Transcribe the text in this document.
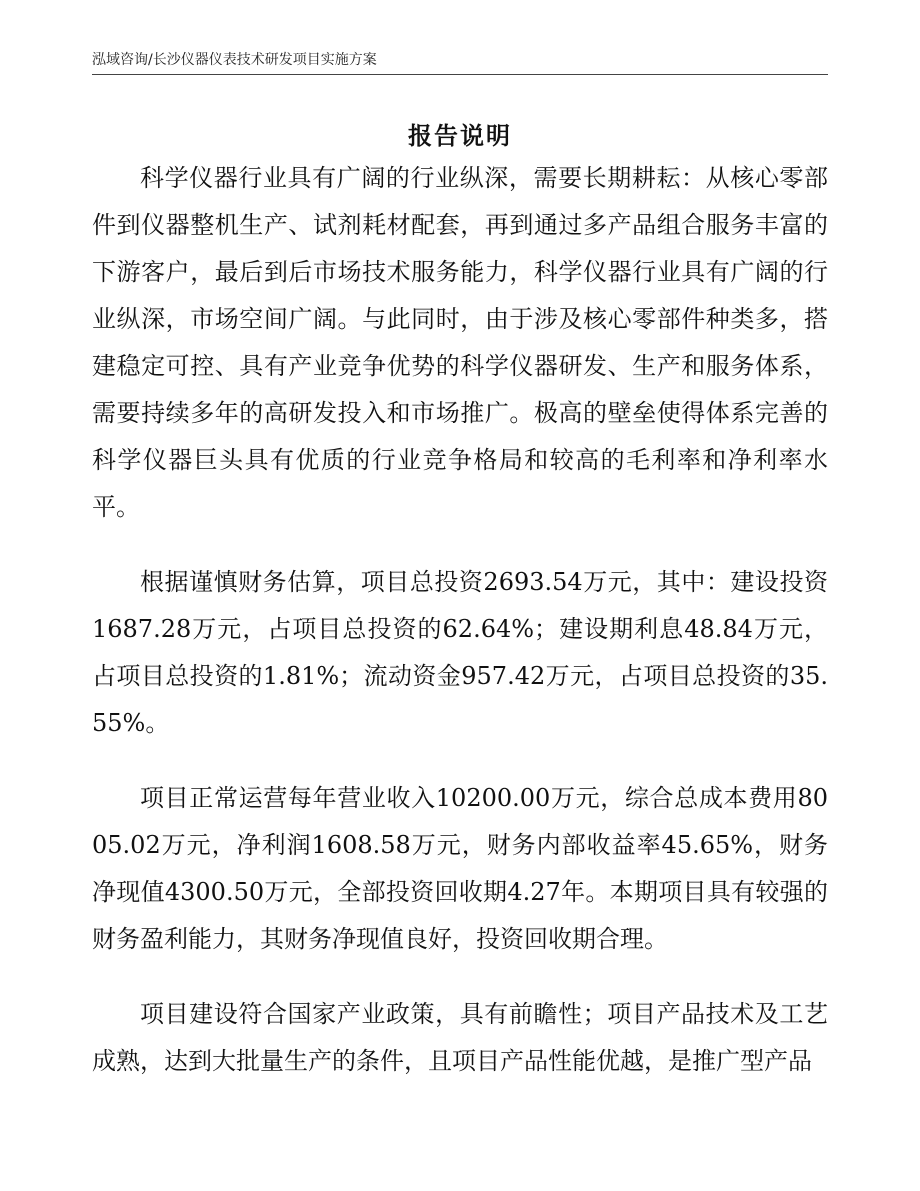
泓域咨询/长沙仪器仪表技术研发项目实施方案
报告说明

科学仪器行业具有广阔的行业纵深，需要长期耕耘：从核心零部件到仪器整机生产、试剂耗材配套，再到通过多产品组合服务丰富的下游客户，最后到后市场技术服务能力，科学仪器行业具有广阔的行业纵深，市场空间广阔。与此同时，由于涉及核心零部件种类多，搭建稳定可控、具有产业竞争优势的科学仪器研发、生产和服务体系，需要持续多年的高研发投入和市场推广。极高的壁垒使得体系完善的科学仪器巨头具有优质的行业竞争格局和较高的毛利率和净利率水平。

根据谨慎财务估算，项目总投资2693.54万元，其中：建设投资1687.28万元，占项目总投资的62.64%；建设期利息48.84万元，占项目总投资的1.81%；流动资金957.42万元，占项目总投资的35.55%。

项目正常运营每年营业收入10200.00万元，综合总成本费用8005.02万元，净利润1608.58万元，财务内部收益率45.65%，财务净现值4300.50万元，全部投资回收期4.27年。本期项目具有较强的财务盈利能力，其财务净现值良好，投资回收期合理。

项目建设符合国家产业政策，具有前瞻性；项目产品技术及工艺成熟，达到大批量生产的条件，且项目产品性能优越，是推广型产品
